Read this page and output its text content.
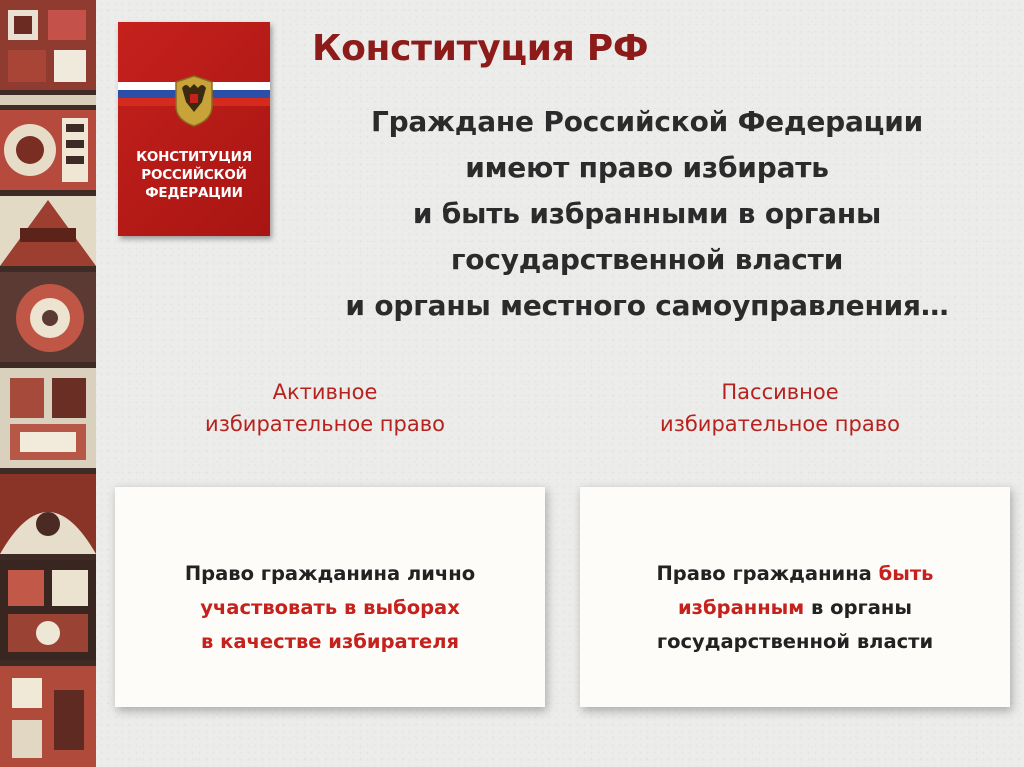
КОНСТИТУЦИЯ
РОССИЙСКОЙ
ФЕДЕРАЦИИ
Конституция РФ
Граждане Российской Федерации
имеют право избирать
и быть избранными в органы
государственной власти
и органы местного самоуправления…
Активное
избирательное право
Пассивное
избирательное право
Право гражданина лично
участвовать в выборах
в качестве избирателя
Право гражданина быть
избранным в органы
государственной власти
